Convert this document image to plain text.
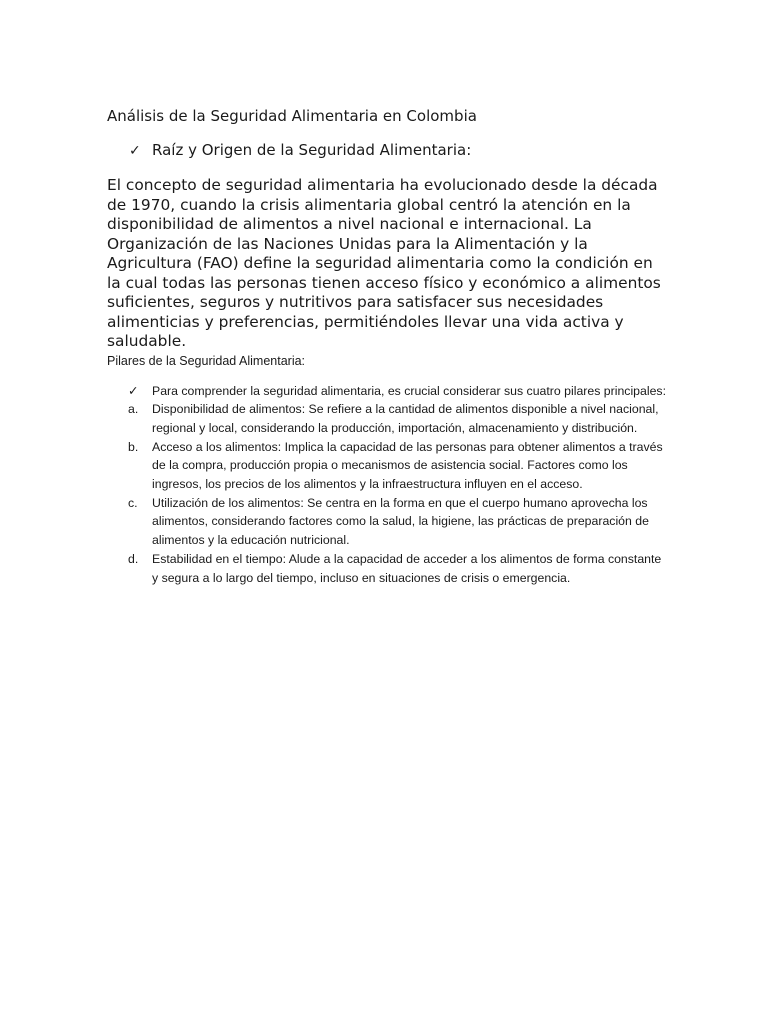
Análisis de la Seguridad Alimentaria en Colombia
✓ Raíz y Origen de la Seguridad Alimentaria:

El concepto de seguridad alimentaria ha evolucionado desde la década de 1970, cuando la crisis alimentaria global centró la atención en la disponibilidad de alimentos a nivel nacional e internacional. La Organización de las Naciones Unidas para la Alimentación y la Agricultura (FAO) define la seguridad alimentaria como la condición en la cual todas las personas tienen acceso físico y económico a alimentos suficientes, seguros y nutritivos para satisfacer sus necesidades alimenticias y preferencias, permitiéndoles llevar una vida activa y saludable.

Pilares de la Seguridad Alimentaria:

✓	Para comprender la seguridad alimentaria, es crucial considerar sus cuatro pilares principales:
a.	Disponibilidad de alimentos: Se refiere a la cantidad de alimentos disponible a nivel nacional, regional y local, considerando la producción, importación, almacenamiento y distribución.
b.	Acceso a los alimentos: Implica la capacidad de las personas para obtener alimentos a través de la compra, producción propia o mecanismos de asistencia social. Factores como los ingresos, los precios de los alimentos y la infraestructura influyen en el acceso.
c.	Utilización de los alimentos: Se centra en la forma en que el cuerpo humano aprovecha los alimentos, considerando factores como la salud, la higiene, las prácticas de preparación de alimentos y la educación nutricional.
d.	Estabilidad en el tiempo: Alude a la capacidad de acceder a los alimentos de forma constante y segura a lo largo del tiempo, incluso en situaciones de crisis o emergencia.
